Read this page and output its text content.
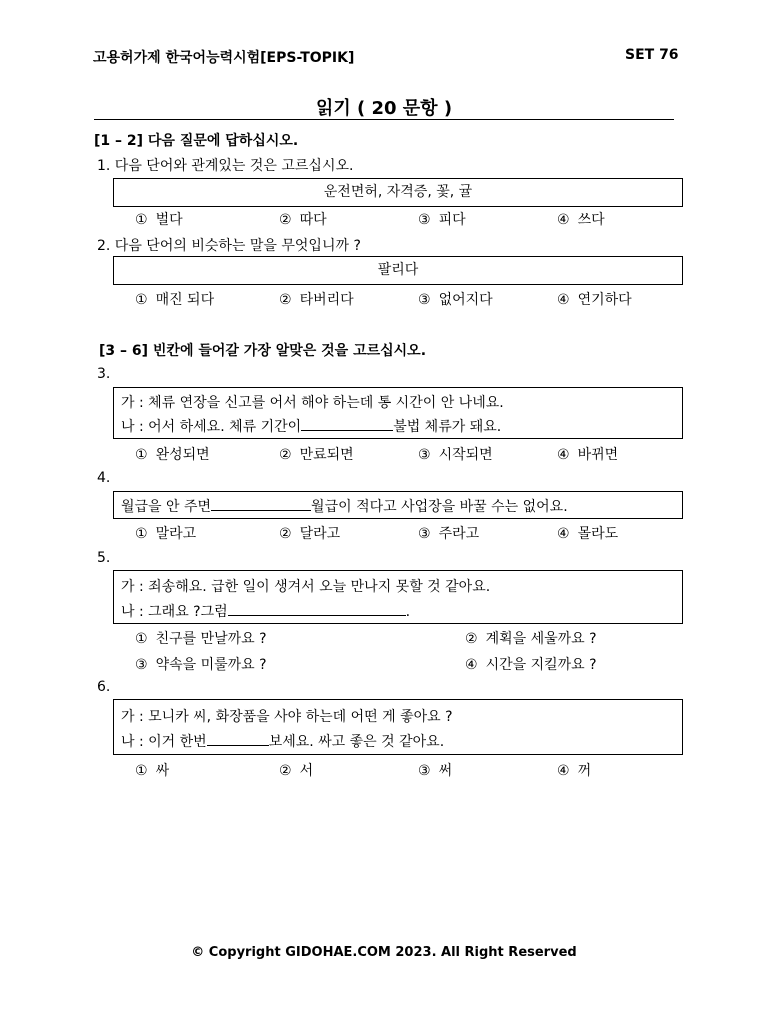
고용허가제 한국어능력시험[EPS-TOPIK]	SET 76
읽기 ( 20 문항 )
[1 – 2] 다음 질문에 답하십시오.
1. 다음 단어와 관계있는 것은 고르십시오.
운전면허, 자격증, 꽃, 귤
① 벌다	② 따다	③ 피다	④ 쓰다
2. 다음 단어의 비슷하는 말을 무엇입니까 ?
팔리다
① 매진 되다	② 타버리다	③ 없어지다	④ 연기하다
[3 – 6] 빈칸에 들어갈 가장 알맞은 것을 고르십시오.
3.
가 : 체류 연장을 신고를 어서 해야 하는데 통 시간이 안 나네요.
나 : 어서 하세요. 체류 기간이	불법 체류가 돼요.
① 완성되면	② 만료되면	③ 시작되면	④ 바뀌면
4.
월급을 안 주면	월급이 적다고 사업장을 바꿀 수는 없어요.
① 말라고	② 달라고	③ 주라고	④ 몰라도
5.
가 : 죄송해요. 급한 일이 생겨서 오늘 만나지 못할 것 같아요.
나 : 그래요 ?그럼	.
① 친구를 만날까요 ?	② 계획을 세울까요 ?
③ 약속을 미룰까요 ?	④ 시간을 지킬까요 ?
6.
가 : 모니카 씨, 화장품을 사야 하는데 어떤 게 좋아요 ?
나 : 이거 한번	보세요. 싸고 좋은 것 같아요.
① 싸	② 서	③ 써	④ 꺼
© Copyright GIDOHAE.COM 2023. All Right Reserved
